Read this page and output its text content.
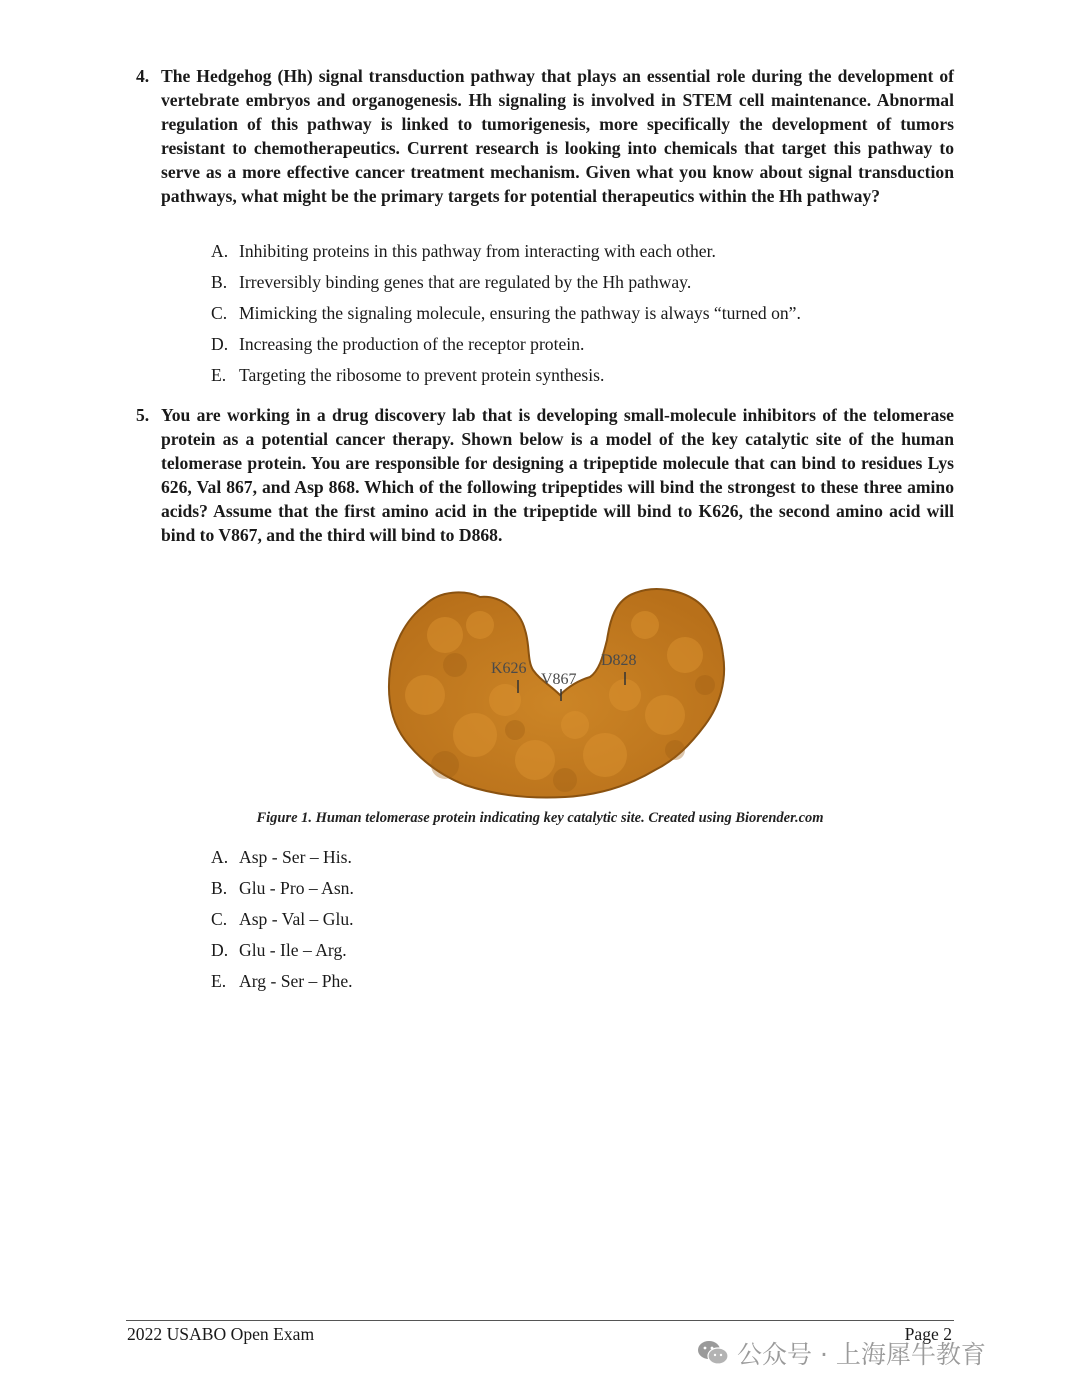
4. The Hedgehog (Hh) signal transduction pathway that plays an essential role during the development of vertebrate embryos and organogenesis. Hh signaling is involved in STEM cell maintenance. Abnormal regulation of this pathway is linked to tumorigenesis, more specifically the development of tumors resistant to chemotherapeutics. Current research is looking into chemicals that target this pathway to serve as a more effective cancer treatment mechanism. Given what you know about signal transduction pathways, what might be the primary targets for potential therapeutics within the Hh pathway?
A. Inhibiting proteins in this pathway from interacting with each other.
B. Irreversibly binding genes that are regulated by the Hh pathway.
C. Mimicking the signaling molecule, ensuring the pathway is always “turned on”.
D. Increasing the production of the receptor protein.
E. Targeting the ribosome to prevent protein synthesis.
5. You are working in a drug discovery lab that is developing small-molecule inhibitors of the telomerase protein as a potential cancer therapy. Shown below is a model of the key catalytic site of the human telomerase protein. You are responsible for designing a tripeptide molecule that can bind to residues Lys 626, Val 867, and Asp 868. Which of the following tripeptides will bind the strongest to these three amino acids? Assume that the first amino acid in the tripeptide will bind to K626, the second amino acid will bind to V867, and the third will bind to D868.
K626
V867
D828
Figure 1. Human telomerase protein indicating key catalytic site. Created using Biorender.com
A. Asp - Ser – His.
B. Glu - Pro – Asn.
C. Asp - Val – Glu.
D. Glu - Ile – Arg.
E. Arg - Ser – Phe.
2022 USABO Open Exam	Page 2
公众号 · 上海犀牛教育
